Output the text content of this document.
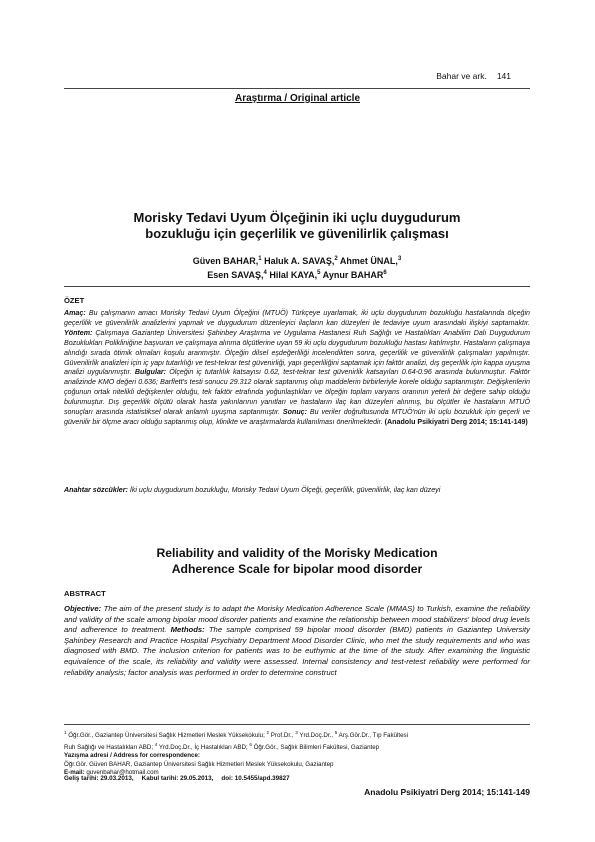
Bahar ve ark. 141
Araştırma / Original article
Morisky Tedavi Uyum Ölçeğinin iki uçlu duygudurum
bozukluğu için geçerlilik ve güvenilirlik çalışması
Güven BAHAR,$^1$ Haluk A. SAVAŞ,$^2$ Ahmet ÜNAL,$^3$
Esen SAVAŞ,$^4$ Hilal KAYA,$^5$ Aynur BAHAR$^6$
ÖZET
Amaç: Bu çalışmanın amacı Morisky Tedavi Uyum Ölçeğini (MTUÖ) Türkçeye uyarlamak, iki uçlu duygudurum bozukluğu hastalarında ölçeğin geçerlilik ve güvenilirlik analizlerini yapmak ve duygudurum düzenleyici ilaçların kan düzeyleri ile tedaviye uyum arasındaki ilişkiyi saptamaktır. Yöntem: Çalışmaya Gaziantep Üniversitesi Şahinbey Araştırma ve Uygulama Hastanesi Ruh Sağlığı ve Hastalıkları Anabilim Dalı Duygudurum Bozuklukları Polikliniğine başvuran ve çalışmaya alınma ölçütlerine uyan 59 iki uçlu duygudurum bozukluğu hastası katılmıştır. Hastaların çalışmaya alındığı sırada ötimik olmaları koşulu aranmıştır. Ölçeğin dilsel eşdeğerliliği incelendikten sonra, geçerlilik ve güvenilirlik çalışmaları yapılmıştır. Güvenilirlik analizleri için iç yapı tutarlılığı ve test-tekrar test güvenirliği, yapı geçerliliğini saptamak için faktör analizi, dış geçerlilik için kappa uyuşma analizi uygulanmıştır. Bulgular: Ölçeğin iç tutarlılık katsayısı 0.62, test-tekrar test güvenirlik katsayıları 0.64-0.96 arasında bulunmuştur. Faktör analizinde KMO değeri 0.636; Barflett's testi sonucu 29.312 olarak saptanmış olup maddelerin birbirleriyle korele olduğu saptanmıştır. Değişkenlerin çoğunun ortak nitelikli değişkenler olduğu, tek faktör etrafında yoğunlaştıkları ve ölçeğin toplam varyans oranının yeterli bir değere sahip olduğu bulunmuştur. Dış geçerlilik ölçütü olarak hasta yakınlarının yanıtları ve hastaların ilaç kan düzeyleri alınmış, bu ölçütler ile hastaların MTUÖ sonuçları arasında istatistiksel olarak anlamlı uyuşma saptanmıştır. Sonuç: Bu veriler doğrultusunda MTUÖ'nün iki uçlu bozukluk için geçerli ve güvenilir bir ölçme aracı olduğu saptanmış olup, klinikte ve araştırmalarda kullanılması önerilmektedir. (Anadolu Psikiyatri Derg 2014; 15:141-149)
Anahtar sözcükler: İki uçlu duygudurum bozukluğu, Morisky Tedavi Uyum Ölçeği, geçerlilik, güvenilirlik, ilaç kan düzeyi
Reliability and validity of the Morisky Medication
Adherence Scale for bipolar mood disorder
ABSTRACT
Objective: The aim of the present study is to adapt the Morisky Medication Adherence Scale (MMAS) to Turkish, examine the reliability and validity of the scale among bipolar mood disorder patients and examine the relationship between mood stabilizers' blood drug levels and adherence to treatment. Methods: The sample comprised 59 bipolar mood disorder (BMD) patients in Gaziantep University Şahinbey Research and Practice Hospital Psychiatry Department Mood Disorder Clinic, who met the study requirements and who was diagnosed with BMD. The inclusion criterion for patients was to be euthymic at the time of the study. After examining the linguistic equivalence of the scale, its reliability and validity were assessed. Internal consistency and test-retest reliability were performed for reliability analysis; factor analysis was performed in order to determine construct
$^1$ Öğr.Gör., Gaziantep Üniversitesi Sağlık Hizmetleri Meslek Yüksekokulu; $^2$ Prof.Dr., $^3$ Yrd.Doç.Dr., $^5$ Arş.Gör.Dr., Tıp Fakültesi
Ruh Sağlığı ve Hastalıkları ABD; $^4$ Yrd.Doç.Dr., İç Hastalıkları ABD; $^6$ Öğr.Gör., Sağlık Bilimleri Fakültesi, Gaziantep
Yazışma adresi / Address for correspondence:
Öğr.Gör. Güven BAHAR, Gaziantep Üniversitesi Sağlık Hizmetleri Meslek Yüksekokulu, Gaziantep
E-mail: guvenbahar@hotmail.com
Geliş tarihi: 29.03.2013, Kabul tarihi: 29.05.2013, doi: 10.5455/apd.39827
Anadolu Psikiyatri Derg 2014; 15:141-149
